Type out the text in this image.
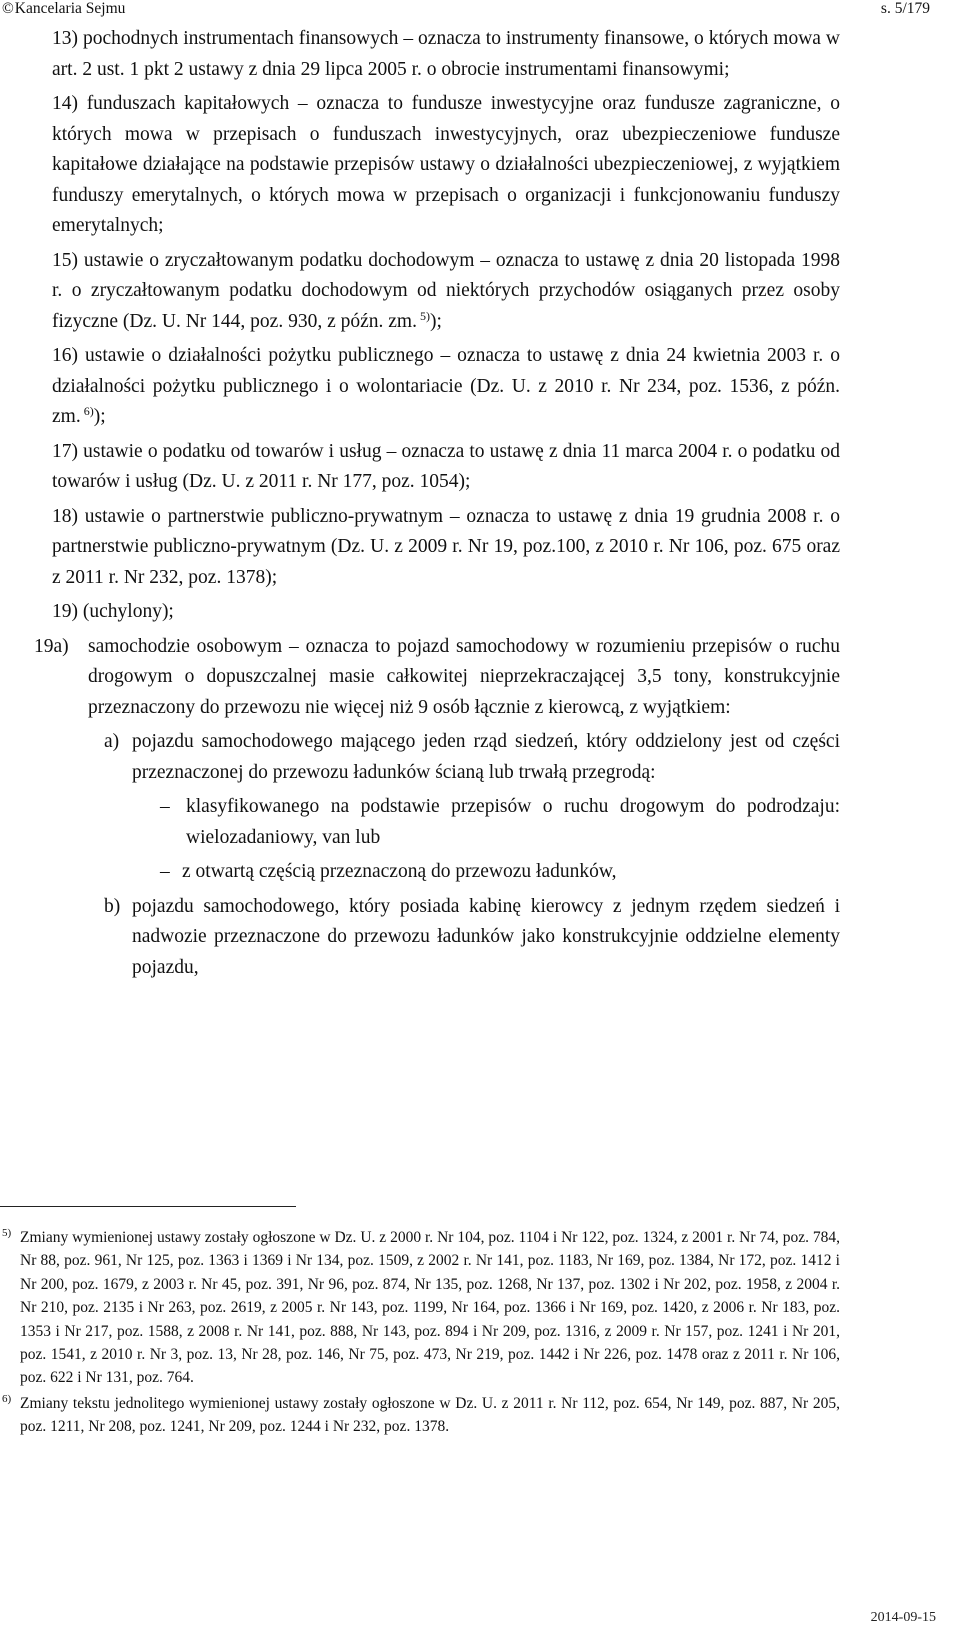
©Kancelaria Sejmu	s. 5/179
13) pochodnych instrumentach finansowych – oznacza to instrumenty finansowe, o których mowa w art. 2 ust. 1 pkt 2 ustawy z dnia 29 lipca 2005 r. o obrocie instrumentami finansowymi;
14) funduszach kapitałowych – oznacza to fundusze inwestycyjne oraz fundusze zagraniczne, o których mowa w przepisach o funduszach inwestycyjnych, oraz ubezpieczeniowe fundusze kapitałowe działające na podstawie przepisów ustawy o działalności ubezpieczeniowej, z wyjątkiem funduszy emerytalnych, o których mowa w przepisach o organizacji i funkcjonowaniu funduszy emerytalnych;
15) ustawie o zryczałtowanym podatku dochodowym – oznacza to ustawę z dnia 20 listopada 1998 r. o zryczałtowanym podatku dochodowym od niektórych przychodów osiąganych przez osoby fizyczne (Dz. U. Nr 144, poz. 930, z późn. zm. $^{5)}$);
16) ustawie o działalności pożytku publicznego – oznacza to ustawę z dnia 24 kwietnia 2003 r. o działalności pożytku publicznego i o wolontariacie (Dz. U. z 2010 r. Nr 234, poz. 1536, z późn. zm. $^{6)}$);
17) ustawie o podatku od towarów i usług – oznacza to ustawę z dnia 11 marca 2004 r. o podatku od towarów i usług (Dz. U. z 2011 r. Nr 177, poz. 1054);
18) ustawie o partnerstwie publiczno-prywatnym – oznacza to ustawę z dnia 19 grudnia 2008 r. o partnerstwie publiczno-prywatnym (Dz. U. z 2009 r. Nr 19, poz.100, z 2010 r. Nr 106, poz. 675 oraz z 2011 r. Nr 232, poz. 1378);
19) (uchylony);
19a) samochodzie osobowym – oznacza to pojazd samochodowy w rozumieniu przepisów o ruchu drogowym o dopuszczalnej masie całkowitej nieprzekraczającej 3,5 tony, konstrukcyjnie przeznaczony do przewozu nie więcej niż 9 osób łącznie z kierowcą, z wyjątkiem:
a) pojazdu samochodowego mającego jeden rząd siedzeń, który oddzielony jest od części przeznaczonej do przewozu ładunków ścianą lub trwałą przegrodą:
– klasyfikowanego na podstawie przepisów o ruchu drogowym do podrodzaju: wielozadaniowy, van lub
– z otwartą częścią przeznaczoną do przewozu ładunków,
b) pojazdu samochodowego, który posiada kabinę kierowcy z jednym rzędem siedzeń i nadwozie przeznaczone do przewozu ładunków jako konstrukcyjnie oddzielne elementy pojazdu,
5) Zmiany wymienionej ustawy zostały ogłoszone w Dz. U. z 2000 r. Nr 104, poz. 1104 i Nr 122, poz. 1324, z 2001 r. Nr 74, poz. 784, Nr 88, poz. 961, Nr 125, poz. 1363 i 1369 i Nr 134, poz. 1509, z 2002 r. Nr 141, poz. 1183, Nr 169, poz. 1384, Nr 172, poz. 1412 i Nr 200, poz. 1679, z 2003 r. Nr 45, poz. 391, Nr 96, poz. 874, Nr 135, poz. 1268, Nr 137, poz. 1302 i Nr 202, poz. 1958, z 2004 r. Nr 210, poz. 2135 i Nr 263, poz. 2619, z 2005 r. Nr 143, poz. 1199, Nr 164, poz. 1366 i Nr 169, poz. 1420, z 2006 r. Nr 183, poz. 1353 i Nr 217, poz. 1588, z 2008 r. Nr 141, poz. 888, Nr 143, poz. 894 i Nr 209, poz. 1316, z 2009 r. Nr 157, poz. 1241 i Nr 201, poz. 1541, z 2010 r. Nr 3, poz. 13, Nr 28, poz. 146, Nr 75, poz. 473, Nr 219, poz. 1442 i Nr 226, poz. 1478 oraz z 2011 r. Nr 106, poz. 622 i Nr 131, poz. 764.
6) Zmiany tekstu jednolitego wymienionej ustawy zostały ogłoszone w Dz. U. z 2011 r. Nr 112, poz. 654, Nr 149, poz. 887, Nr 205, poz. 1211, Nr 208, poz. 1241, Nr 209, poz. 1244 i Nr 232, poz. 1378.
2014-09-15
